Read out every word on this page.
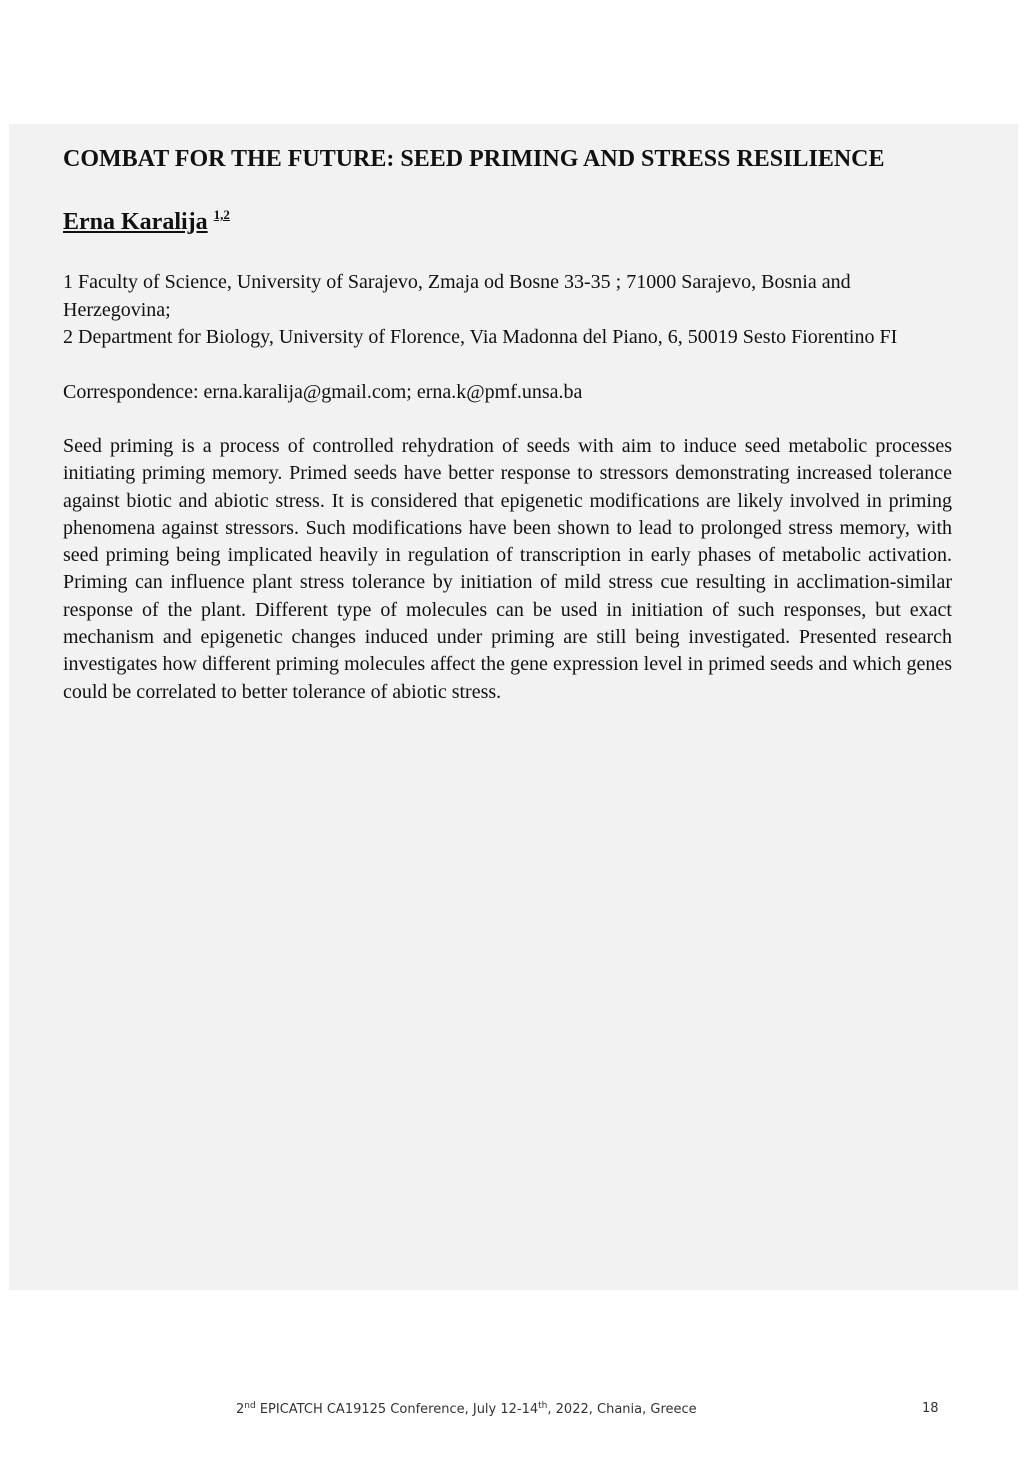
COMBAT FOR THE FUTURE: SEED PRIMING AND STRESS RESILIENCE
Erna Karalija $^{1,2}$
1 Faculty of Science, University of Sarajevo, Zmaja od Bosne 33-35 ; 71000 Sarajevo, Bosnia and Herzegovina;
2 Department for Biology, University of Florence, Via Madonna del Piano, 6, 50019 Sesto Fiorentino FI
Correspondence: erna.karalija@gmail.com; erna.k@pmf.unsa.ba
Seed priming is a process of controlled rehydration of seeds with aim to induce seed metabolic processes initiating priming memory. Primed seeds have better response to stressors demonstrating increased tolerance against biotic and abiotic stress. It is considered that epigenetic modifications are likely involved in priming phenomena against stressors. Such modifications have been shown to lead to prolonged stress memory, with seed priming being implicated heavily in regulation of transcription in early phases of metabolic activation. Priming can influence plant stress tolerance by initiation of mild stress cue resulting in acclimation-similar response of the plant. Different type of molecules can be used in initiation of such responses, but exact mechanism and epigenetic changes induced under priming are still being investigated. Presented research investigates how different priming molecules affect the gene expression level in primed seeds and which genes could be correlated to better tolerance of abiotic stress.
2nd EPICATCH CA19125 Conference, July 12-14th, 2022, Chania, Greece	18
